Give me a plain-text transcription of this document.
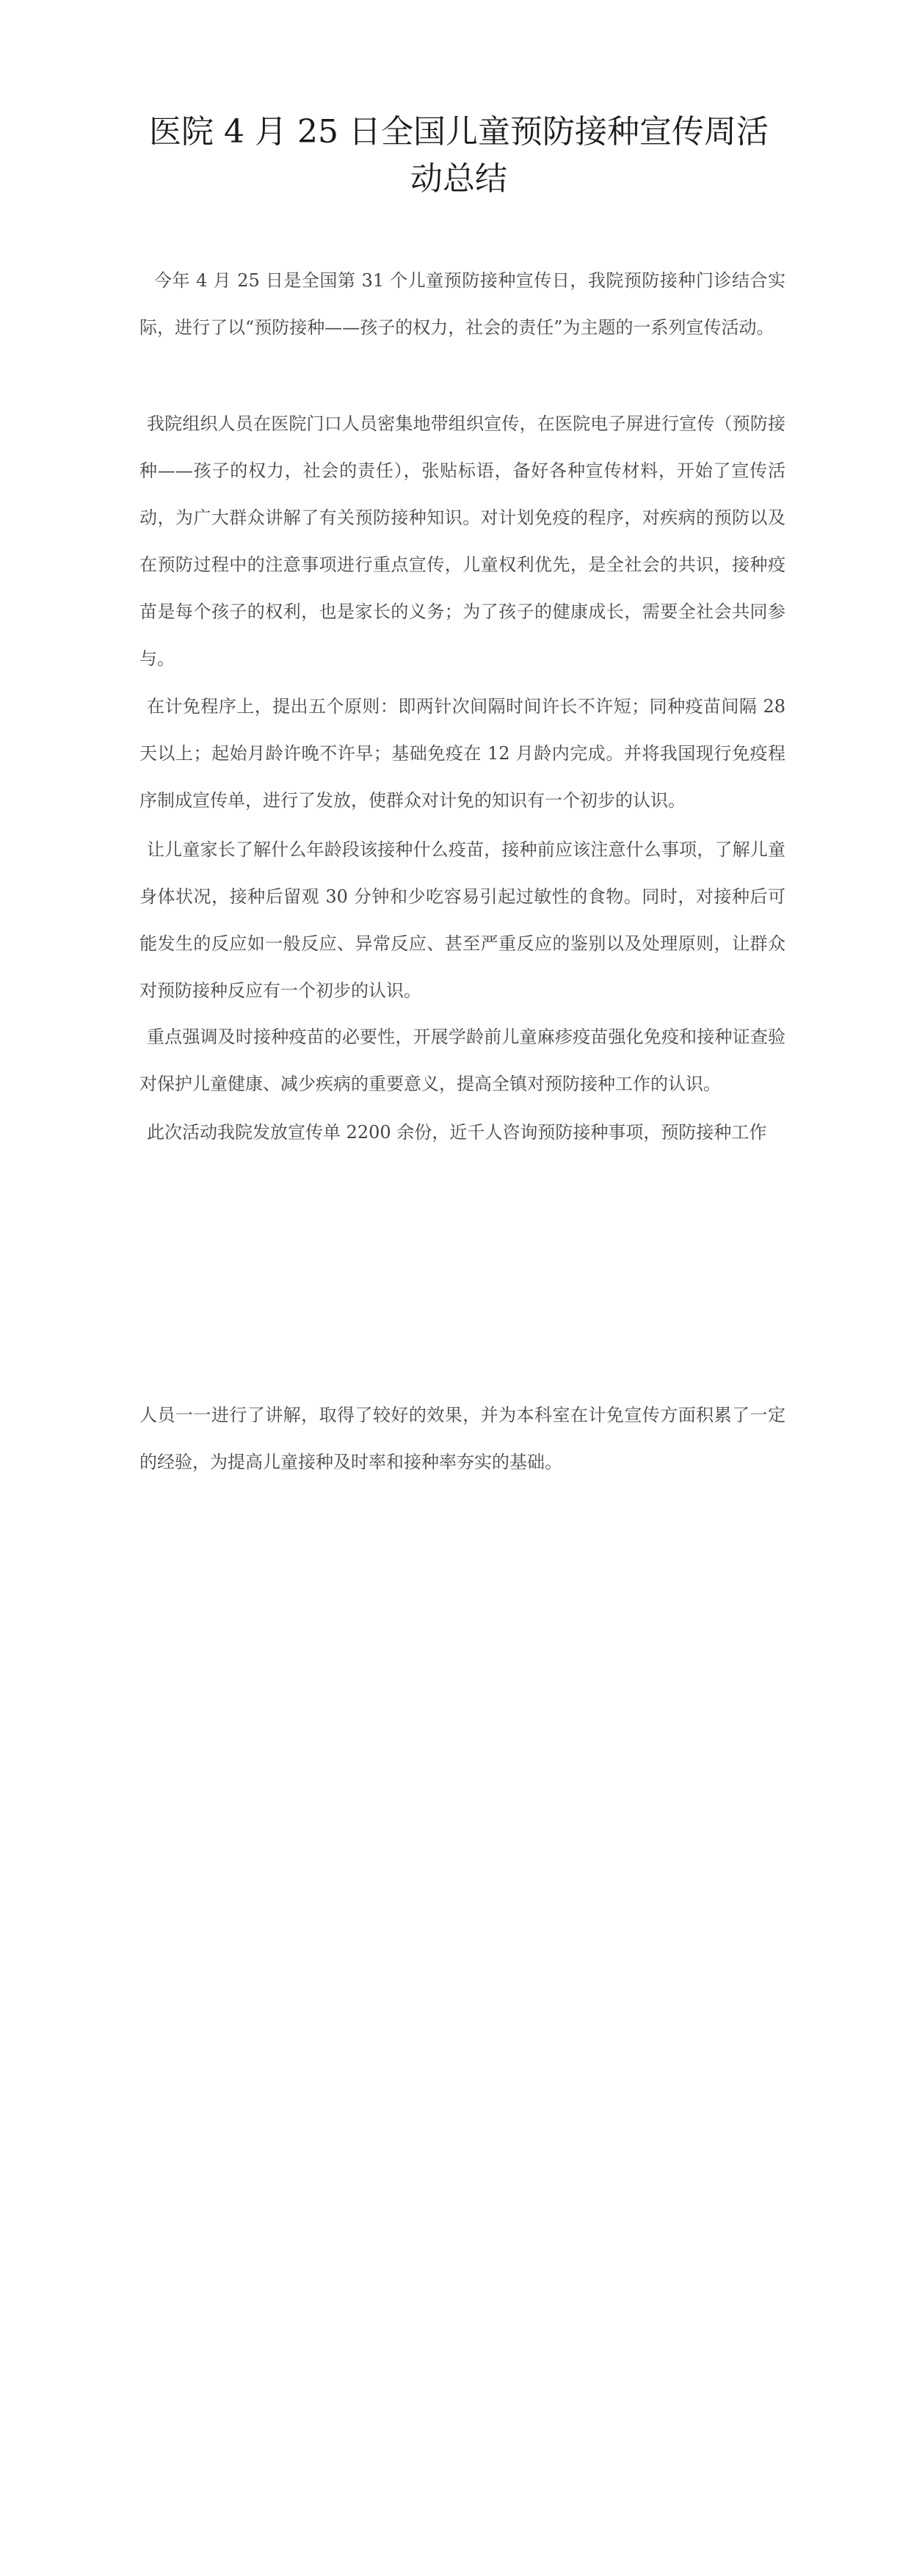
医院 4 月 25 日全国儿童预防接种宣传周活动总结

今年 4 月 25 日是全国第 31 个儿童预防接种宣传日，我院预防接种门诊结合实际，进行了以“预防接种——孩子的权力，社会的责任”为主题的一系列宣传活动。

我院组织人员在医院门口人员密集地带组织宣传，在医院电子屏进行宣传（预防接种——孩子的权力，社会的责任），张贴标语，备好各种宣传材料，开始了宣传活动，为广大群众讲解了有关预防接种知识。对计划免疫的程序，对疾病的预防以及在预防过程中的注意事项进行重点宣传，儿童权利优先，是全社会的共识，接种疫苗是每个孩子的权利，也是家长的义务；为了孩子的健康成长，需要全社会共同参与。

在计免程序上，提出五个原则：即两针次间隔时间许长不许短；同种疫苗间隔 28 天以上；起始月龄许晚不许早；基础免疫在 12 月龄内完成。并将我国现行免疫程序制成宣传单，进行了发放，使群众对计免的知识有一个初步的认识。

让儿童家长了解什么年龄段该接种什么疫苗，接种前应该注意什么事项，了解儿童身体状况，接种后留观 30 分钟和少吃容易引起过敏性的食物。同时，对接种后可能发生的反应如一般反应、异常反应、甚至严重反应的鉴别以及处理原则，让群众对预防接种反应有一个初步的认识。

重点强调及时接种疫苗的必要性，开展学龄前儿童麻疹疫苗强化免疫和接种证查验对保护儿童健康、减少疾病的重要意义，提高全镇对预防接种工作的认识。

此次活动我院发放宣传单 2200 余份，近千人咨询预防接种事项，预防接种工作

人员一一进行了讲解，取得了较好的效果，并为本科室在计免宣传方面积累了一定的经验，为提高儿童接种及时率和接种率夯实的基础。
